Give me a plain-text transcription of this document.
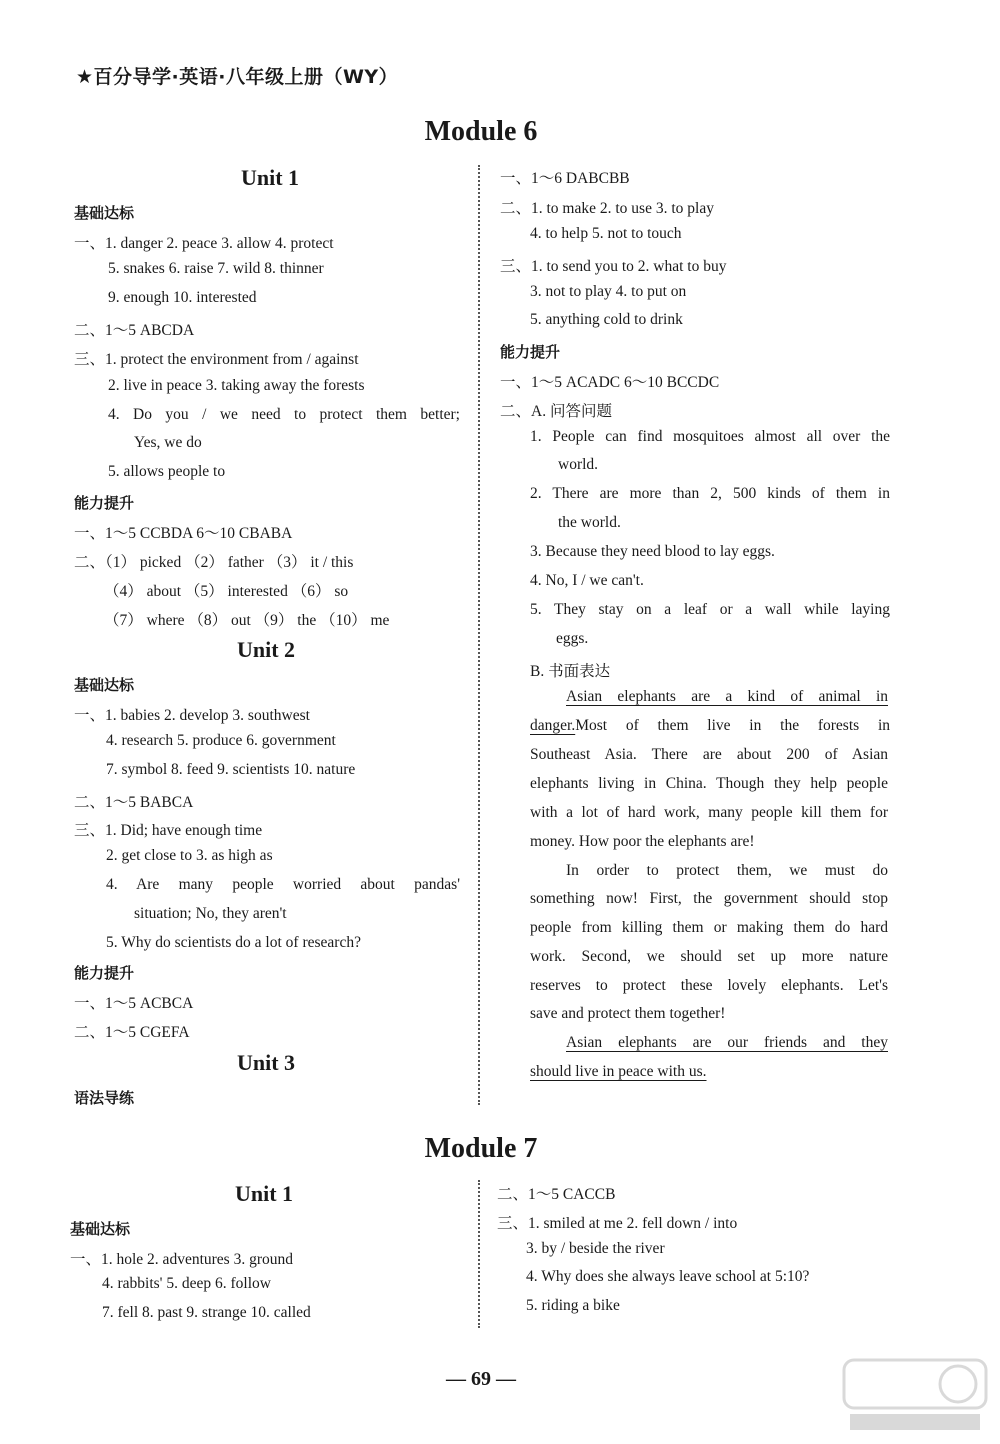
★百分导学·英语·八年级上册（WY）
Module 6
Unit 1
基础达标
一、1. danger 2. peace 3. allow 4. protect
5. snakes 6. raise 7. wild 8. thinner
9. enough 10. interested
二、1～5 ABCDA
三、1. protect the environment from / against
2. live in peace 3. taking away the forests
4. Do you / we need to protect them better;
Yes, we do
5. allows people to
能力提升
一、1～5 CCBDA 6～10 CBABA
二、（1） picked （2） father （3） it / this
（4） about （5） interested （6） so
（7） where （8） out （9） the （10） me
Unit 2
基础达标
一、1. babies 2. develop 3. southwest
4. research 5. produce 6. government
7. symbol 8. feed 9. scientists 10. nature
二、1～5 BABCA
三、1. Did; have enough time
2. get close to 3. as high as
4. Are many people worried about pandas'
situation; No, they aren't
5. Why do scientists do a lot of research?
能力提升
一、1～5 ACBCA
二、1～5 CGEFA
Unit 3
语法导练
一、1～6 DABCBB
二、1. to make 2. to use 3. to play
4. to help 5. not to touch
三、1. to send you to 2. what to buy
3. not to play 4. to put on
5. anything cold to drink
能力提升
一、1～5 ACADC 6～10 BCCDC
二、A. 问答问题
1. People can find mosquitoes almost all over the
world.
2. There are more than 2, 500 kinds of them in
the world.
3. Because they need blood to lay eggs.
4. No, I / we can't.
5. They stay on a leaf or a wall while laying
eggs.
B. 书面表达
Asian elephants are a kind of animal in
danger. Most of them live in the forests in
Southeast Asia. There are about 200 of Asian
elephants living in China. Though they help people
with a lot of hard work, many people kill them for
money. How poor the elephants are!
In order to protect them, we must do
something now! First, the government should stop
people from killing them or making them do hard
work. Second, we should set up more nature
reserves to protect these lovely elephants. Let's
save and protect them together!
Asian elephants are our friends and they
should live in peace with us.
Module 7
Unit 1
基础达标
一、1. hole 2. adventures 3. ground
4. rabbits' 5. deep 6. follow
7. fell 8. past 9. strange 10. called
二、1～5 CACCB
三、1. smiled at me 2. fell down / into
3. by / beside the river
4. Why does she always leave school at 5:10?
5. riding a bike
— 69 —
